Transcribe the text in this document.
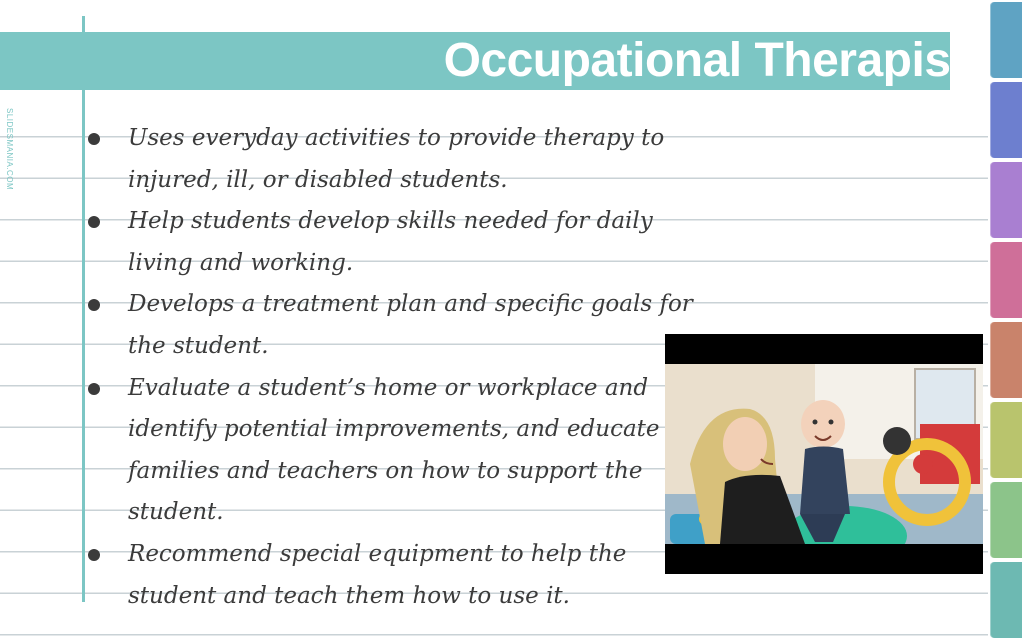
Occupational Therapist
SLIDESMANIA.COM	Uses everyday activities to provide therapy to injured, ill, or disabled students.
Help students develop skills needed for daily living and working.
Develops a treatment plan and specific goals for the student.
Evaluate a student’s home or workplace and identify potential improvements, and educate families and teachers on how to support the student.
Recommend special equipment to help the student and teach them how to use it.
